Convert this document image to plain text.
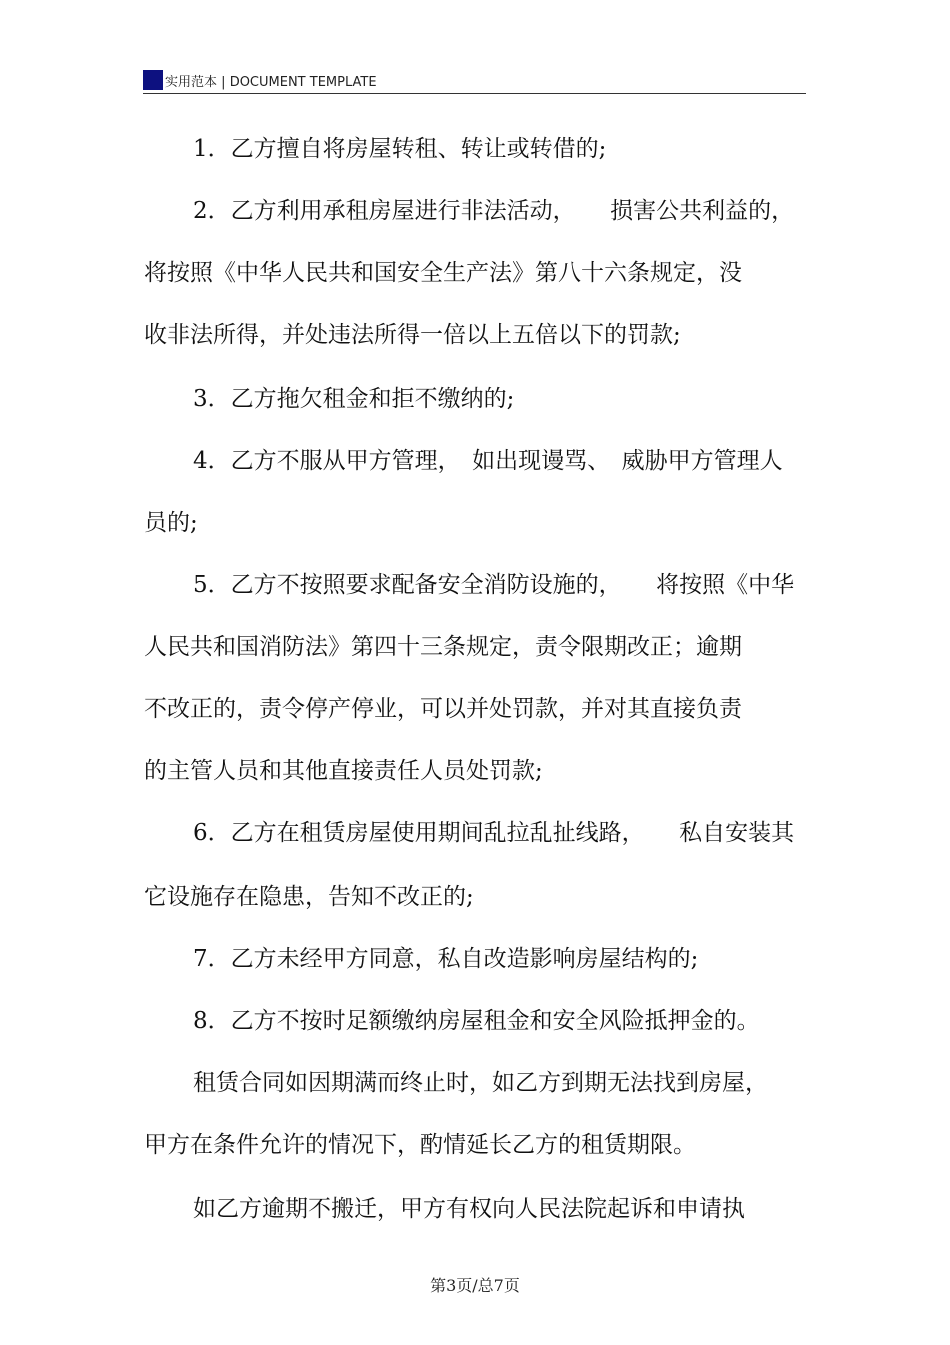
实用范本 | DOCUMENT TEMPLATE
1．乙方擅自将房屋转租、转让或转借的;
2．乙方利用承租房屋进行非法活动，　　损害公共利益的，
将按照《中华人民共和国安全生产法》第八十六条规定，没
收非法所得，并处违法所得一倍以上五倍以下的罚款;
3．乙方拖欠租金和拒不缴纳的;
4．乙方不服从甲方管理，　如出现谩骂、　威胁甲方管理人
员的;
5．乙方不按照要求配备安全消防设施的，　　将按照《中华
人民共和国消防法》第四十三条规定，责令限期改正；逾期
不改正的，责令停产停业，可以并处罚款，并对其直接负责
的主管人员和其他直接责任人员处罚款;
6．乙方在租赁房屋使用期间乱拉乱扯线路，　　私自安装其
它设施存在隐患，告知不改正的;
7．乙方未经甲方同意，私自改造影响房屋结构的;
8．乙方不按时足额缴纳房屋租金和安全风险抵押金的。
租赁合同如因期满而终止时，如乙方到期无法找到房屋，
甲方在条件允许的情况下，酌情延长乙方的租赁期限。
如乙方逾期不搬迁，甲方有权向人民法院起诉和申请执
第3页/总7页
